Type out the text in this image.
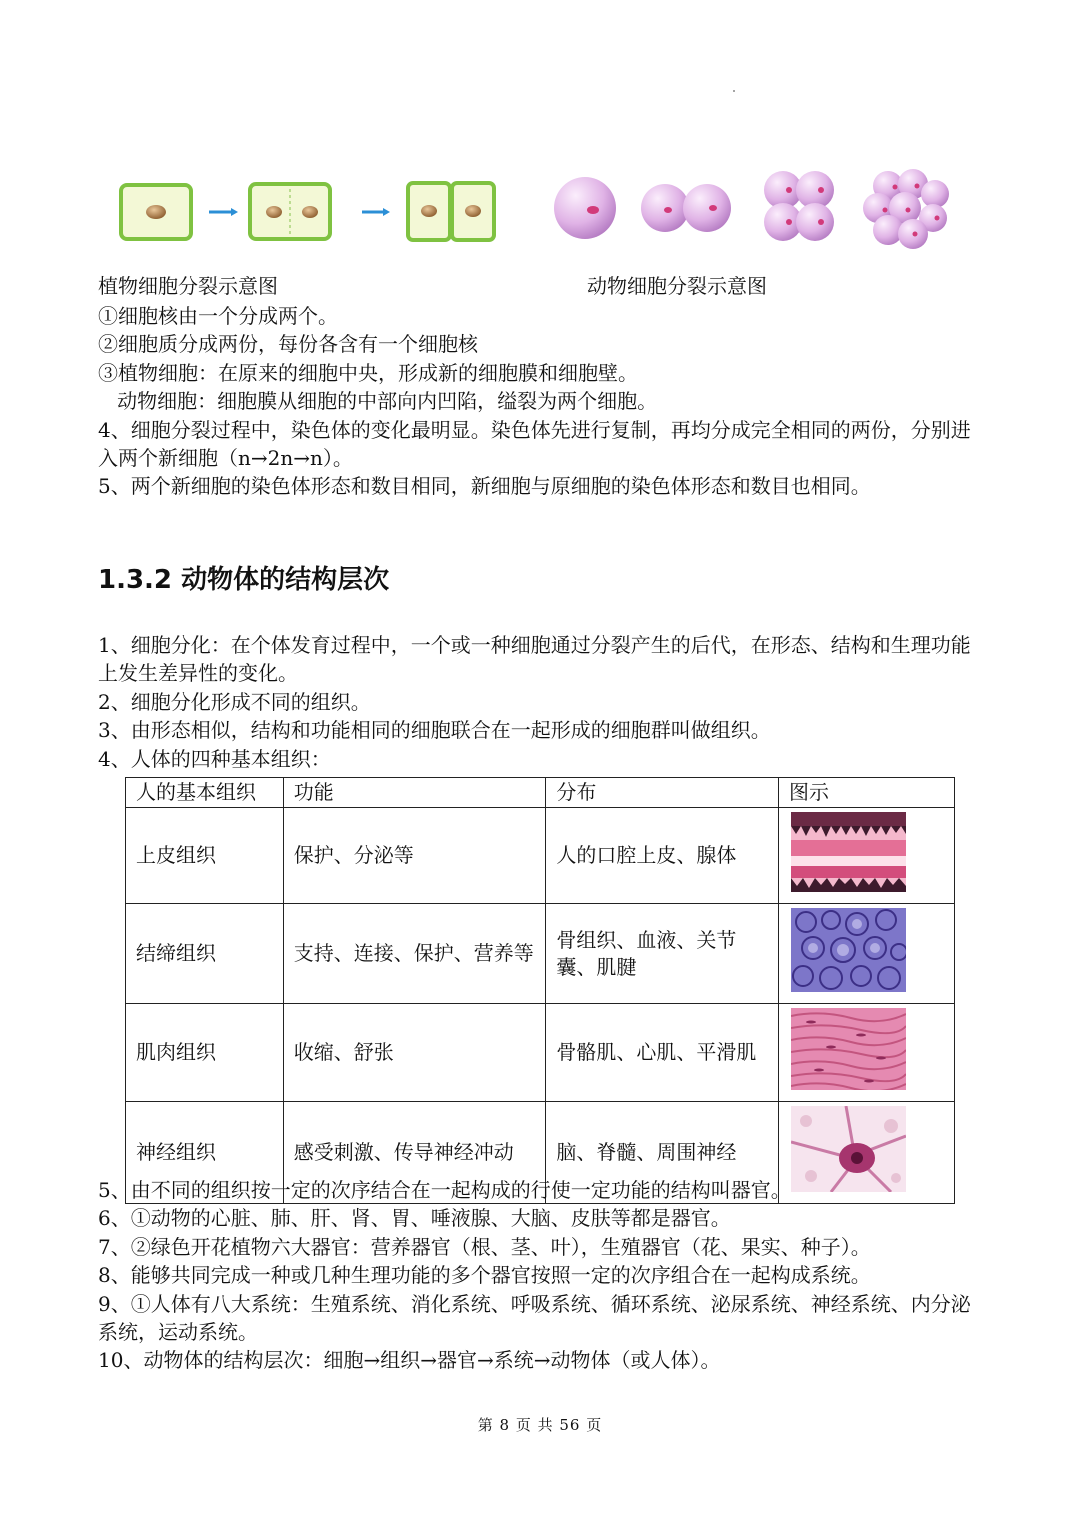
植物细胞分裂示意图	动物细胞分裂示意图

①细胞核由一个分成两个。

②细胞质分成两份，每份各含有一个细胞核

③植物细胞：在原来的细胞中央，形成新的细胞膜和细胞壁。

动物细胞：细胞膜从细胞的中部向内凹陷，缢裂为两个细胞。

4、细胞分裂过程中，染色体的变化最明显。染色体先进行复制，再均分成完全相同的两份，分别进入两个新细胞（n→2n→n）。

5、两个新细胞的染色体形态和数目相同，新细胞与原细胞的染色体形态和数目也相同。

1.3.2 动物体的结构层次

1、细胞分化：在个体发育过程中，一个或一种细胞通过分裂产生的后代，在形态、结构和生理功能上发生差异性的变化。

2、细胞分化形成不同的组织。

3、由形态相似，结构和功能相同的细胞联合在一起形成的细胞群叫做组织。

4、人体的四种基本组织：

人的基本组织	功能	分布	图示
上皮组织	保护、分泌等	人的口腔上皮、腺体	
结缔组织	支持、连接、保护、营养等	骨组织、血液、关节囊、肌腱	
肌肉组织	收缩、舒张	骨骼肌、心肌、平滑肌	
神经组织	感受刺激、传导神经冲动	脑、脊髓、周围神经	

5、由不同的组织按一定的次序结合在一起构成的行使一定功能的结构叫器官。

6、①动物的心脏、肺、肝、肾、胃、唾液腺、大脑、皮肤等都是器官。

7、②绿色开花植物六大器官：营养器官（根、茎、叶），生殖器官（花、果实、种子）。

8、能够共同完成一种或几种生理功能的多个器官按照一定的次序组合在一起构成系统。

9、①人体有八大系统：生殖系统、消化系统、呼吸系统、循环系统、泌尿系统、神经系统、内分泌系统，运动系统。

10、动物体的结构层次：细胞→组织→器官→系统→动物体（或人体）。

第 8 页 共 56 页
